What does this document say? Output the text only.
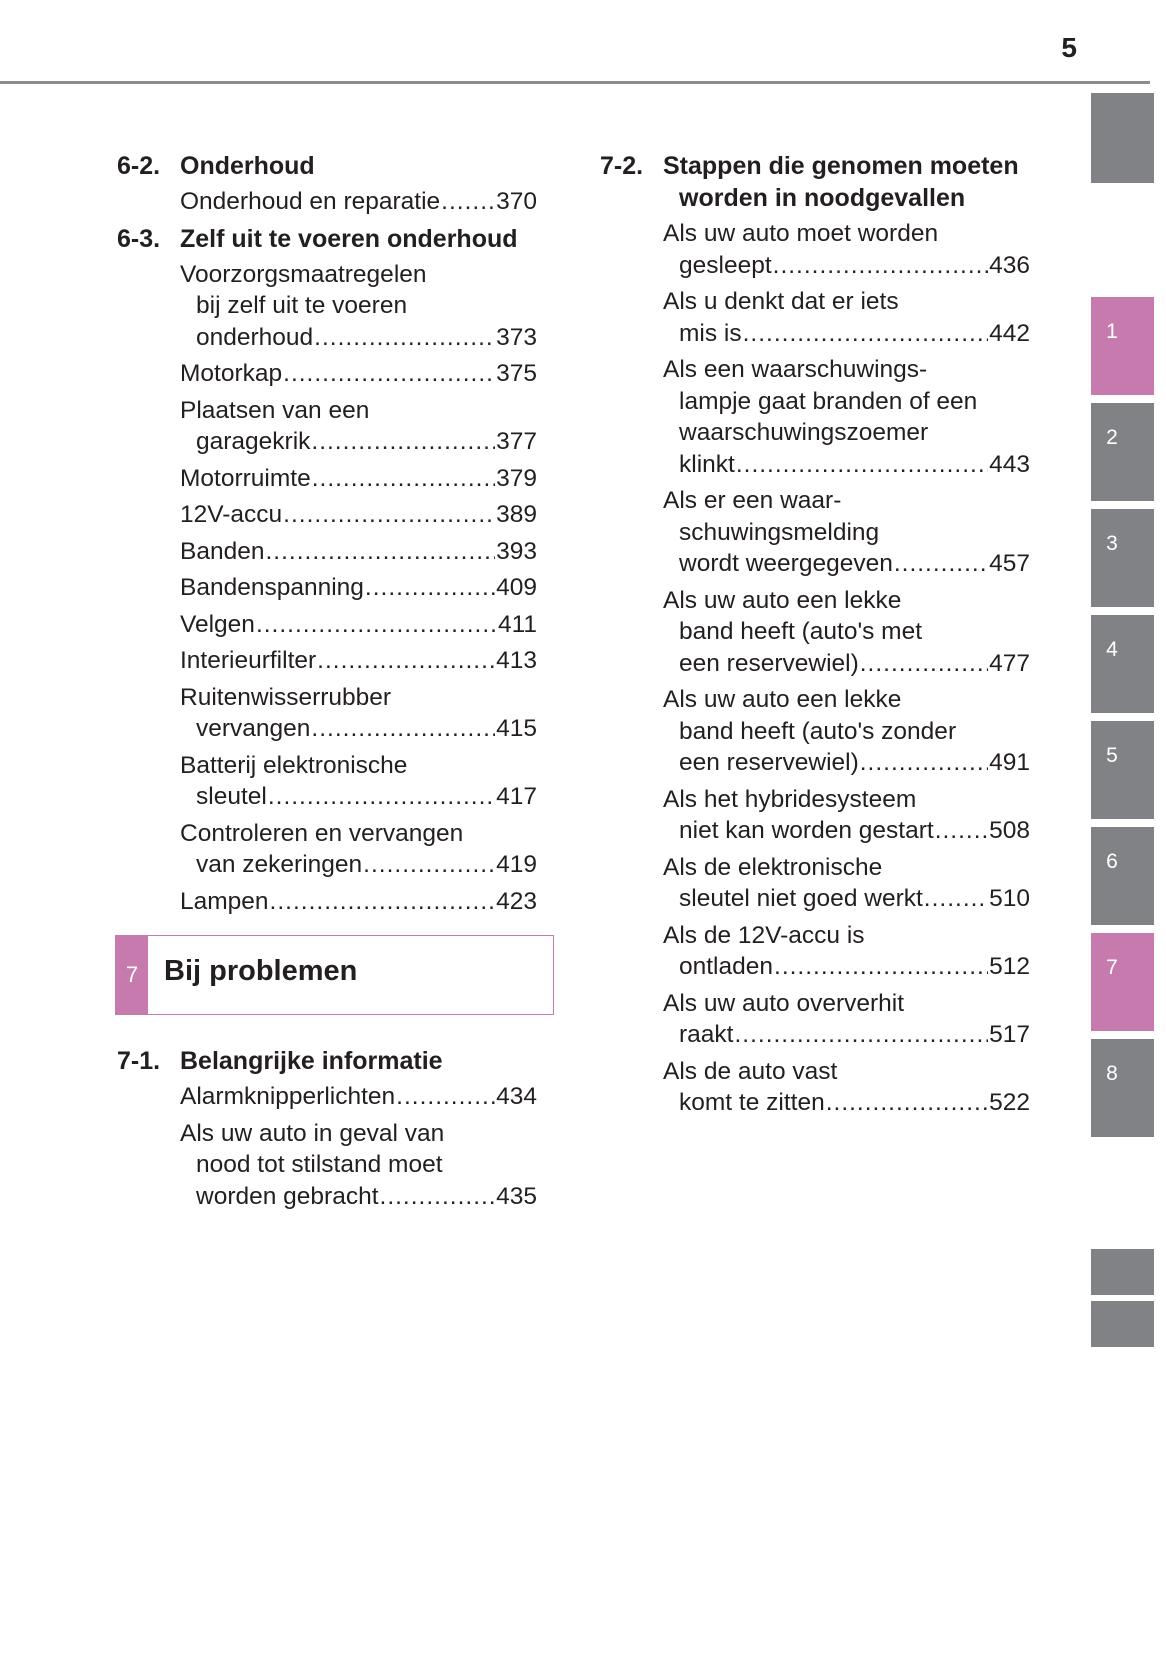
5
6-2. Onderhoud
Onderhoud en reparatie ..... 370
6-3. Zelf uit te voeren onderhoud
Voorzorgsmaatregelen
bij zelf uit te voeren
onderhoud .....	373
Motorkap .....	375
Plaatsen van een
garagekrik .....	377
Motorruimte .....	379
12V-accu .....	389
Banden .....	393
Bandenspanning .....	409
Velgen .....	411
Interieurfilter .....	413
Ruitenwisserrubber
vervangen .....	415
Batterij elektronische
sleutel .....	417
Controleren en vervangen
van zekeringen .....	419
Lampen .....	423
7 Bij problemen
7-1. Belangrijke informatie
Alarmknipperlichten .....	434
Als uw auto in geval van
nood tot stilstand moet
worden gebracht .....	435
7-2. Stappen die genomen moeten
worden in noodgevallen
Als uw auto moet worden
gesleept .....	436
Als u denkt dat er iets
mis is .....	442
Als een waarschuwings-
lampje gaat branden of een
waarschuwingszoemer
klinkt .....	443
Als er een waar-
schuwingsmelding
wordt weergegeven .....	457
Als uw auto een lekke
band heeft (auto's met
een reservewiel) .....	477
Als uw auto een lekke
band heeft (auto's zonder
een reservewiel) .....	491
Als het hybridesysteem
niet kan worden gestart ..... 508
Als de elektronische
sleutel niet goed werkt .....	510
Als de 12V-accu is
ontladen .....	512
Als uw auto oververhit
raakt .....	517
Als de auto vast
komt te zitten .....	522
1
2
3
4
5
6
7
8
